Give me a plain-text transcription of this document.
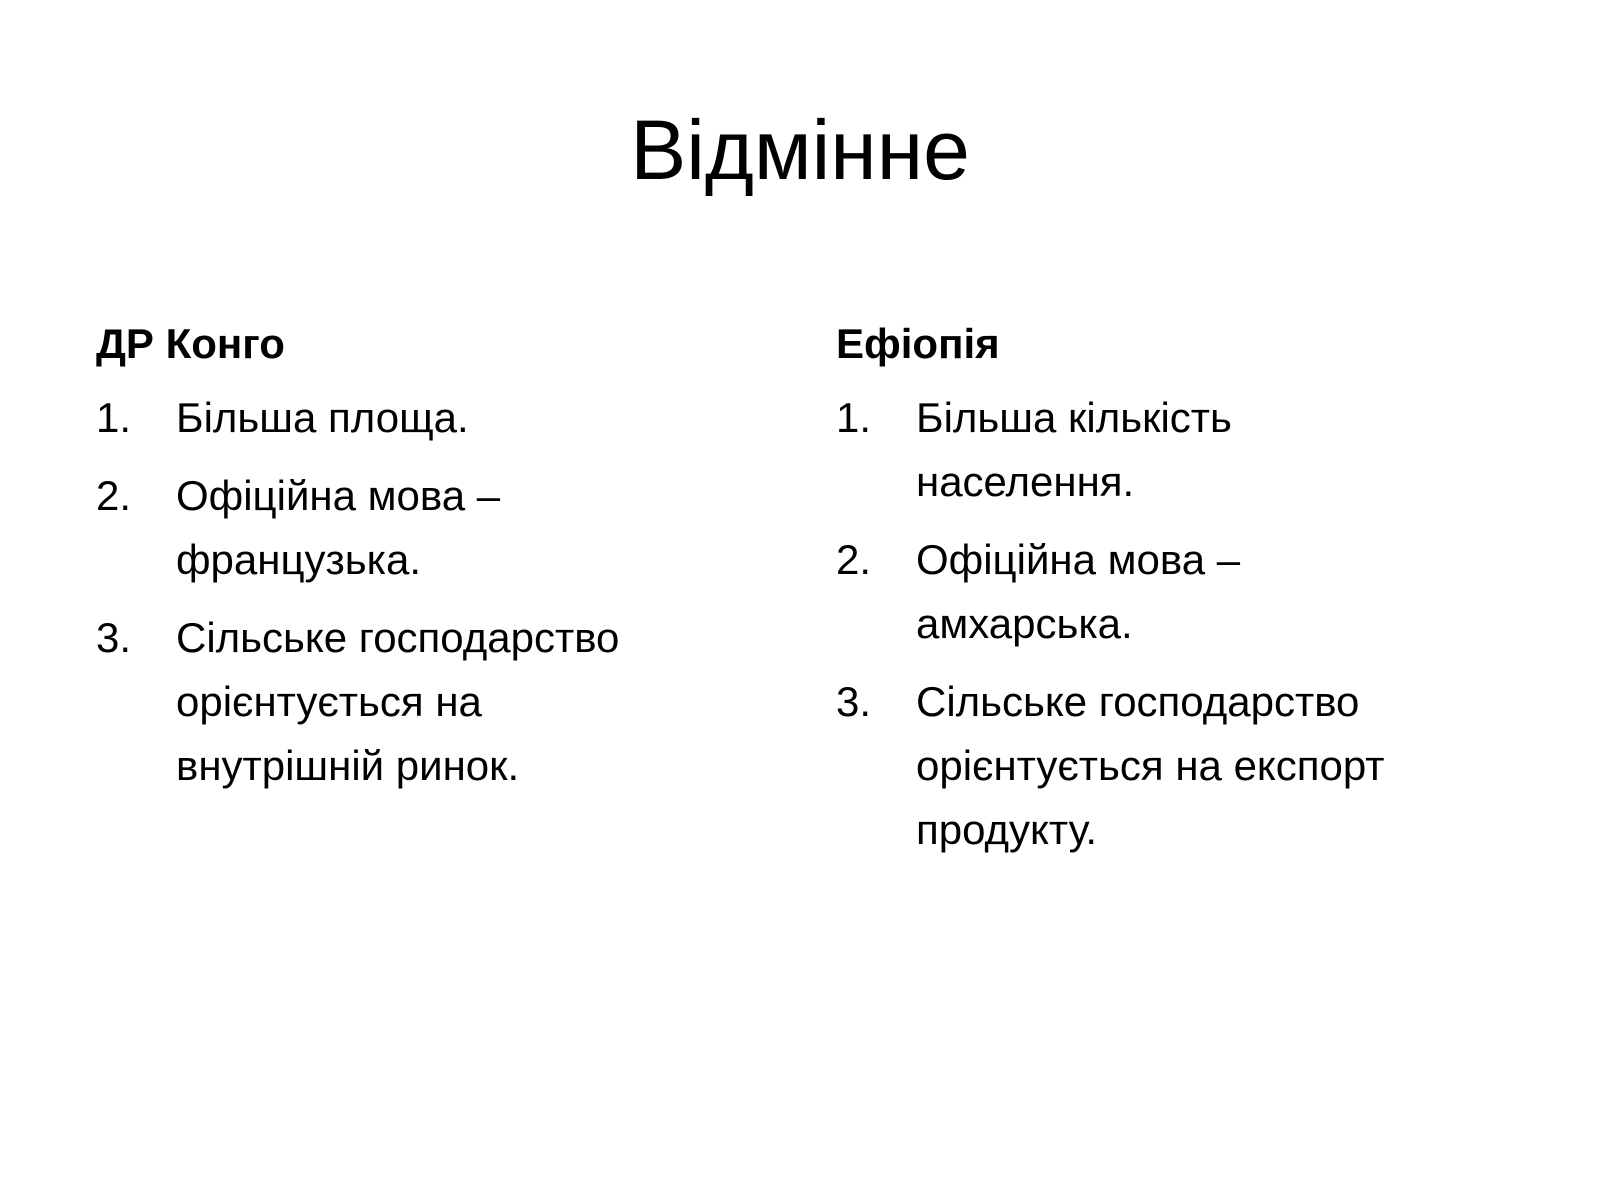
Відмінне
ДР Конго
1.	Більша площа.
2.	Офіційна мова – французька.
3.	Сільське господарство орієнтується на внутрішній ринок.
Ефіопія
1.	Більша кількість населення.
2.	Офіційна мова – амхарська.
3.	Сільське господарство орієнтується на експорт продукту.
